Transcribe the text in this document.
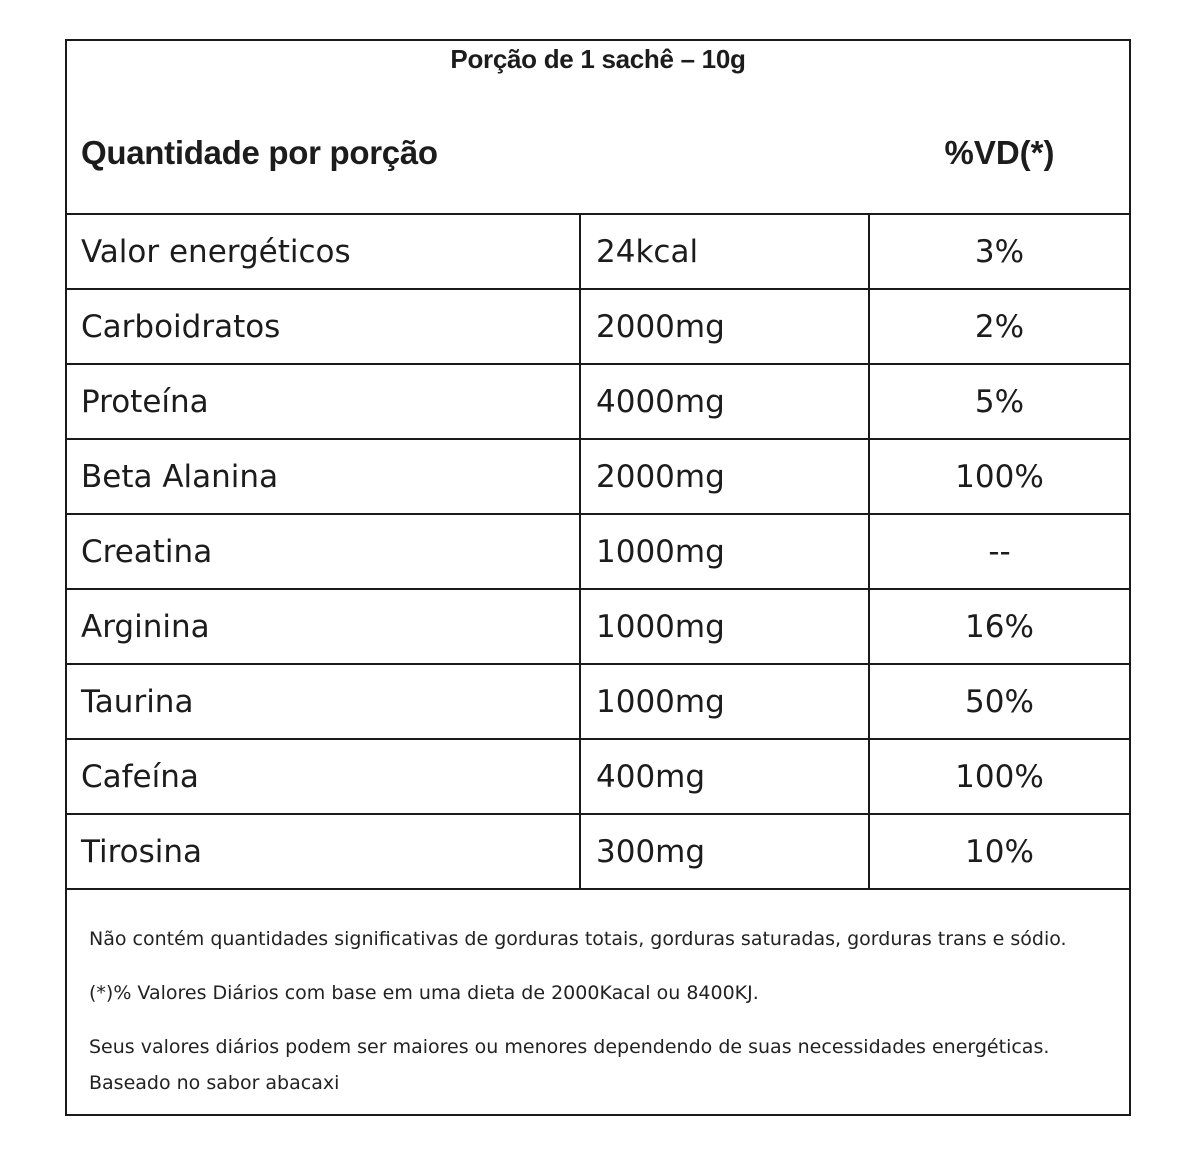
Porção de 1 sachê – 10g
Quantidade por porção	%VD(*)
Valor energéticos	24kcal	3%
Carboidratos	2000mg	2%
Proteína	4000mg	5%
Beta Alanina	2000mg	100%
Creatina	1000mg	--
Arginina	1000mg	16%
Taurina	1000mg	50%
Cafeína	400mg	100%
Tirosina	300mg	10%
Não contém quantidades significativas de gorduras totais, gorduras saturadas, gorduras trans e sódio.
(*)% Valores Diários com base em uma dieta de 2000Kacal ou 8400KJ.
Seus valores diários podem ser maiores ou menores dependendo de suas necessidades energéticas.
Baseado no sabor abacaxi
